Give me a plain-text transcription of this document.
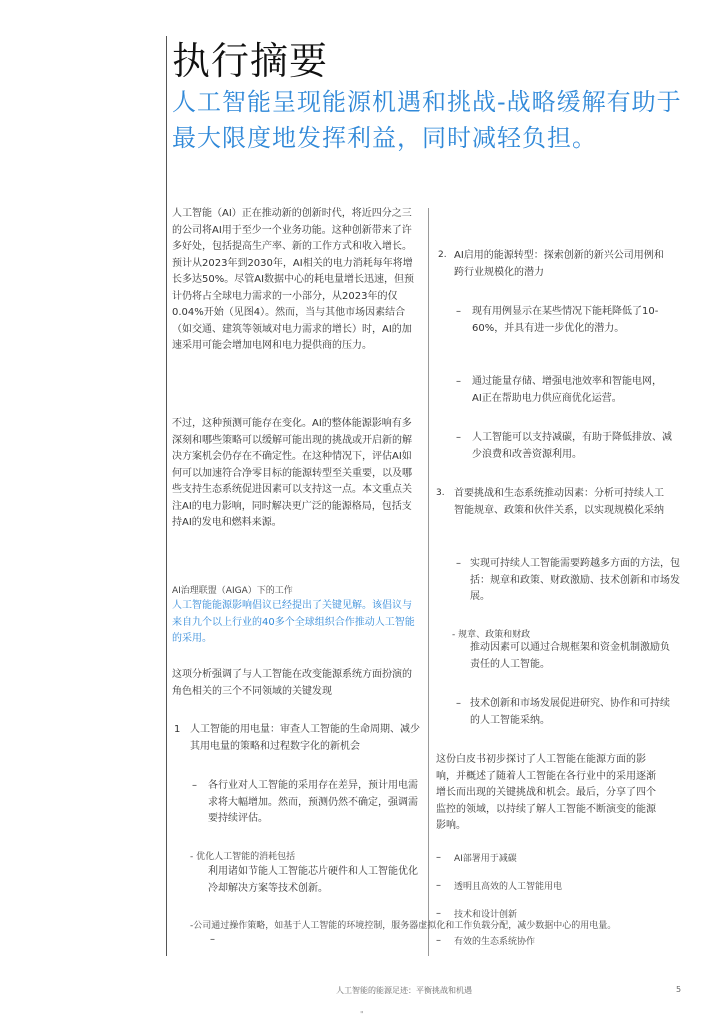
执行摘要
人工智能呈现能源机遇和挑战-战略缓解有助于最大限度地发挥利益，同时减轻负担。
人工智能（AI）正在推动新的创新时代，将近四分之三的公司将AI用于至少一个业务功能。这种创新带来了许多好处，包括提高生产率、新的工作方式和收入增长。预计从2023年到2030年，AI相关的电力消耗每年将增长多达50%。尽管AI数据中心的耗电量增长迅速，但预计仍将占全球电力需求的一小部分，从2023年的仅0.04%开始（见图4）。然而，当与其他市场因素结合（如交通、建筑等领域对电力需求的增长）时，AI的加速采用可能会增加电网和电力提供商的压力。
不过，这种预测可能存在变化。AI的整体能源影响有多深刻和哪些策略可以缓解可能出现的挑战或开启新的解决方案机会仍存在不确定性。在这种情况下，评估AI如何可以加速符合净零目标的能源转型至关重要，以及哪些支持生态系统促进因素可以支持这一点。本文重点关注AI的电力影响，同时解决更广泛的能源格局，包括支持AI的发电和燃料来源。
AI治理联盟（AIGA）下的工作
人工智能能源影响倡议已经提出了关键见解。该倡议与来自九个以上行业的40多个全球组织合作推动人工智能的采用。
这项分析强调了与人工智能在改变能源系统方面扮演的角色相关的三个不同领域的关键发现
1 人工智能的用电量：审查人工智能的生命周期、减少其用电量的策略和过程数字化的新机会
– 各行业对人工智能的采用存在差异，预计用电需求将大幅增加。然而，预测仍然不确定，强调需要持续评估。
- 优化人工智能的消耗包括
利用诸如节能人工智能芯片硬件和人工智能优化冷却解决方案等技术创新。
-公司通过操作策略，如基于人工智能的环境控制，服务器虚拟化和工作负载分配，减少数据中心的用电量。
–
2. AI启用的能源转型：探索创新的新兴公司用例和跨行业规模化的潜力
– 现有用例显示在某些情况下能耗降低了10-60%，并具有进一步优化的潜力。
– 通过能量存储、增强电池效率和智能电网，AI正在帮助电力供应商优化运营。
– 人工智能可以支持减碳，有助于降低排放、减少浪费和改善资源利用。
3. 首要挑战和生态系统推动因素：分析可持续人工智能规章、政策和伙伴关系，以实现规模化采纳
– 实现可持续人工智能需要跨越多方面的方法，包括：规章和政策、财政激励、技术创新和市场发展。
- 规章、政策和财政
推动因素可以通过合规框架和资金机制激励负责任的人工智能。
– 技术创新和市场发展促进研究、协作和可持续的人工智能采纳。
这份白皮书初步探讨了人工智能在能源方面的影响，并概述了随着人工智能在各行业中的采用逐渐增长而出现的关键挑战和机会。最后，分享了四个监控的领域，以持续了解人工智能不断演变的能源影响。
– AI部署用于减碳
– 透明且高效的人工智能用电
– 技术和设计创新
– 有效的生态系统协作
人工智能的能源足迹：平衡挑战和机遇	5
"
